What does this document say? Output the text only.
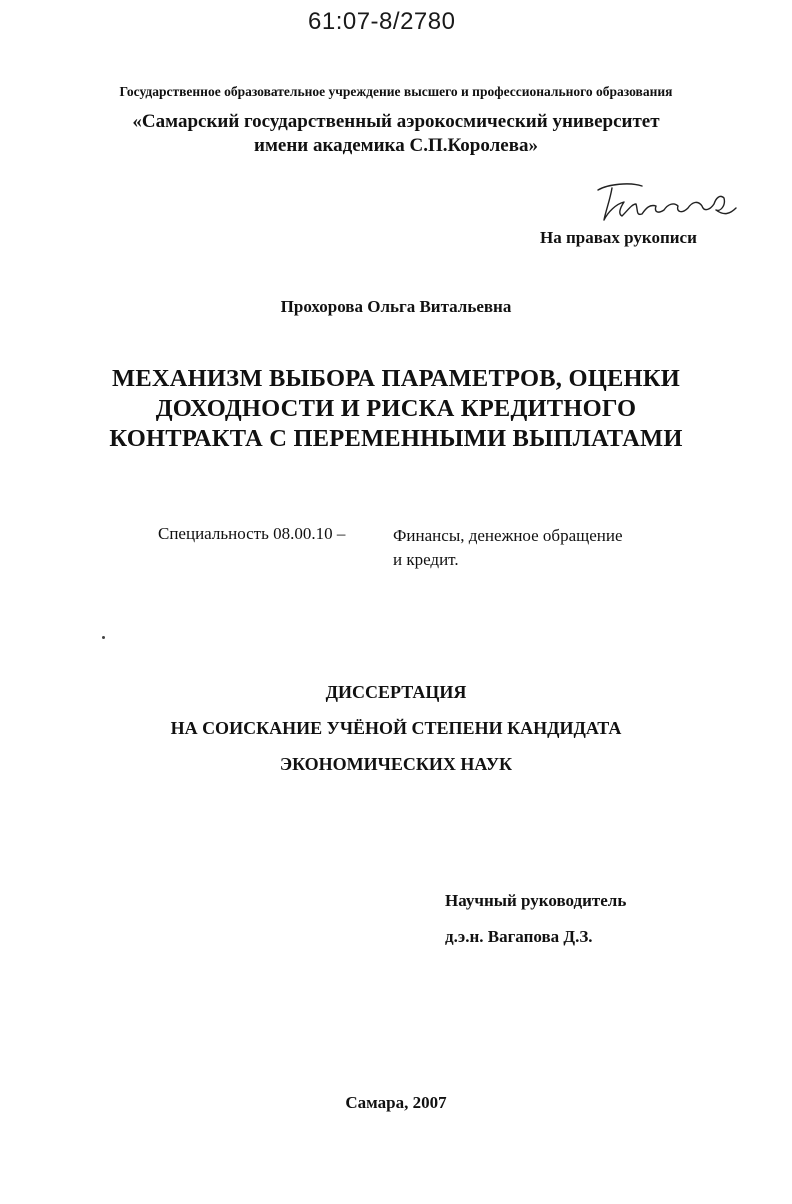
61:07-8/2780
Государственное образовательное учреждение высшего и профессионального образования
«Самарский государственный аэрокосмический университет
имени академика С.П.Королева»
На правах рукописи
Прохорова Ольга Витальевна
МЕХАНИЗМ ВЫБОРА ПАРАМЕТРОВ, ОЦЕНКИ
ДОХОДНОСТИ И РИСКА КРЕДИТНОГО
КОНТРАКТА С ПЕРЕМЕННЫМИ ВЫПЛАТАМИ
Специальность 08.00.10 –	Финансы, денежное обращение
и кредит.
ДИССЕРТАЦИЯ
НА СОИСКАНИЕ УЧЁНОЙ СТЕПЕНИ КАНДИДАТА
ЭКОНОМИЧЕСКИХ НАУК
Научный руководитель
д.э.н. Вагапова Д.З.
Самара, 2007
